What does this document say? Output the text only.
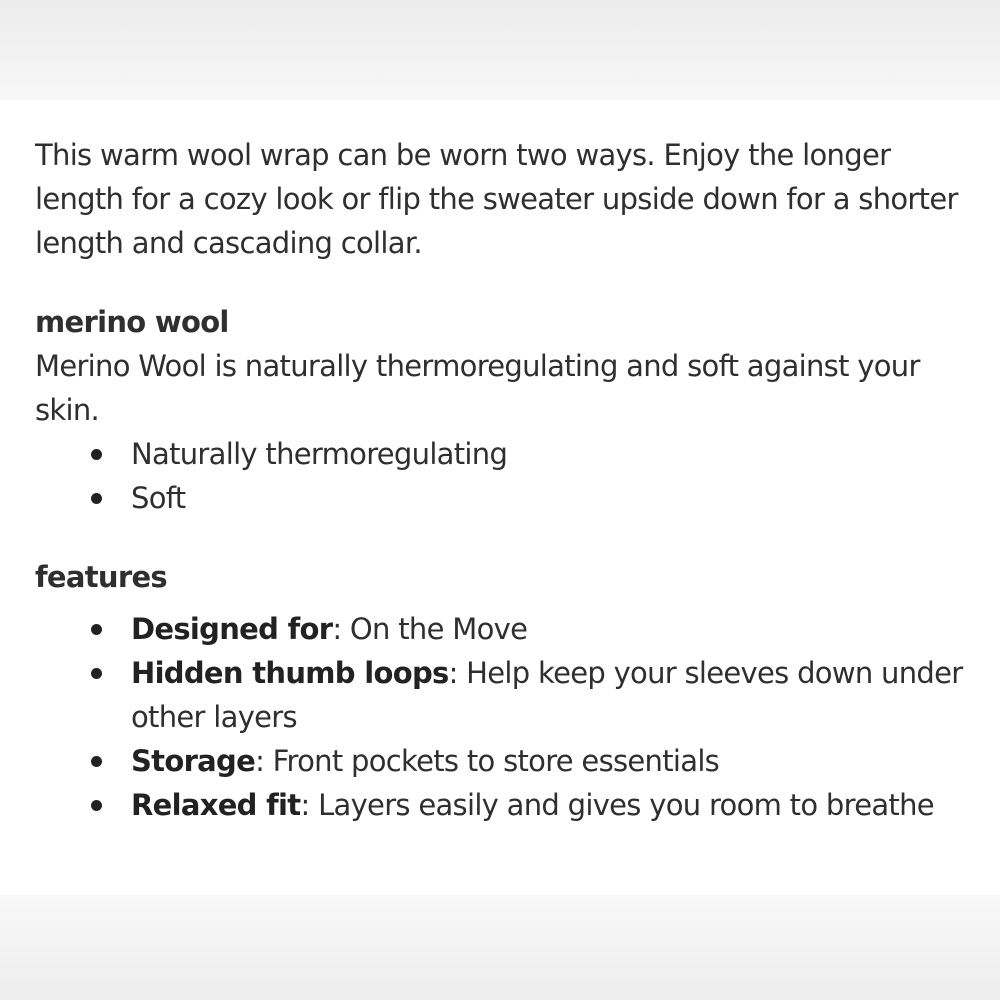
This warm wool wrap can be worn two ways. Enjoy the longer length for a cozy look or flip the sweater upside down for a shorter length and cascading collar.

merino wool

Merino Wool is naturally thermoregulating and soft against your skin.

Naturally thermoregulating
Soft
features
Designed for: On the Move
Hidden thumb loops: Help keep your sleeves down under other layers
Storage: Front pockets to store essentials
Relaxed fit: Layers easily and gives you room to breathe
